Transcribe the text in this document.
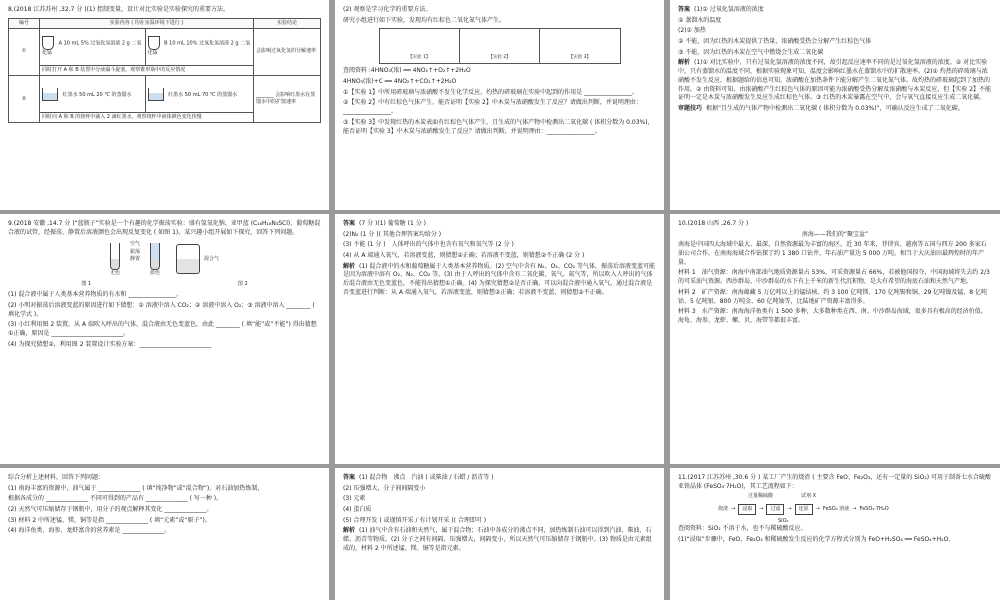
8.(2018 江苏苏州 ,32.7 分 )(1) 控制变量，设计对比实验是实验探究的重要方法。

编号	实验内容 ( 均在室温环境下进行 )		实验结论
①	A 10 mL 5% 过氧化氢溶液 2 g 二氧化锰	B 10 mL 10% 过氧化氢溶液 2 g 二氧化锰	会影响过氧化氢的分解速率
	同时打开 A 和 B 装置中分液漏斗旋塞，观察锥形瓶中的反应情况		
②	红墨水 50 mL 20 ℃ 的蒸馏水	红墨水 50 mL 70 ℃ 的蒸馏水	_______ 会影响红墨水在蒸馏水中的扩散速率
	同时向 A 和 B 的烧杯中滴入 2 滴红墨水，观察烧杯中液体颜色变化快慢		

(2) 观察是学习化学的重要方法。

研究小组进行如下实验，发现均有红棕色二氧化氮气体产生。

【实验 1】	【实验 2】	【实验 3】

查阅资料 :4HNO₃(浓) ══ 4NO₂↑+O₂↑+2H₂O

4HNO₃(浓)+C ══ 4NO₂↑+CO₂↑+2H₂O

①【实验 1】中所用碎玻璃与浓硝酸不发生化学反应，灼热的碎玻璃在实验中起到的作用是 ________________。

②【实验 2】中有红棕色气体产生，能否证明【实验 2】中木炭与浓硝酸发生了反应？请做出判断，并说明理由：________________。

③【实验 3】中发现红热的木炭表面有红棕色气体产生，且生成的气体产物中检测出二氧化碳 ( 体积分数为 0.03%)，能否证明【实验 3】中木炭与浓硝酸发生了反应？请做出判断，并说明理由：________________。

答案 (1)① 过氧化氢溶液的浓度

② 蒸馏水的温度

(2)① 加热

② 不能，因为红热的木炭提供了热量，浓硝酸受热会分解产生红棕色气体

③ 不能，因为红热的木炭在空气中燃烧会生成二氧化碳

解析 (1)① 对比实验中，只有过氧化氢溶液的浓度不同，故引起反应速率不同的是过氧化氢溶液的浓度。② 对比实验中，只有蒸馏水的温度不同，根据实验现象可知，温度会影响红墨水在蒸馏水中的扩散速率。(2)① 灼热的碎玻璃与浓硝酸不发生反应，根据题给的信息可知，浓硝酸在加热条件下能分解产生二氧化氮气体，故灼热的碎玻璃起到了加热的作用。② 由资料可知，由浓硝酸产生红棕色气体的原因可能为浓硝酸受热分解及浓硝酸与木炭反应，但【实验 2】不能证明一定是木炭与浓硝酸发生反应生成红棕色气体。③ 红热的木炭暴露在空气中，会与氧气直接反应生成二氧化碳。

审题技巧 根据“且生成的气体产物中检测出二氧化碳 ( 体积分数为 0.03%)”，可确认反应生成了二氧化碳。

9.(2018 安徽 ,14.7 分 )“蓝瓶子”实验是一个有趣的化学振荡实验：盛有氢氧化钠、亚甲蓝 (C₁₆H₁₈N₃SCl)、葡萄糖混合液的试管，经振荡、静置后溶液颜色会出现反复变化 ( 如图 1)。某兴趣小组开展如下探究，回答下列问题。

无色
空气
振荡
静置
蓝色
混合气
图 1	图 2

(1) 混合液中属于人类基本营养物质的有水和 ________________。

(2) 小明对振荡后溶液变蓝的原因进行如下猜想：① 溶液中溶入 CO₂；② 溶液中溶入 O₂；③ 溶液中溶入 ________ ( 填化学式 )。

(3) 小红利用图 2 装置，从 A 端吹入呼出的气体，混合液由无色变蓝色，由此 ________ ( 填“能”或“不能”) 得出猜想①正确，原因是 ________________________。

(4) 为探究猜想②，利用图 2 装置设计实验方案：________________________

答案 (7 分 )(1) 葡萄糖 (1 分 )

(2)N₂ (1 分 )( 其他合理答案均给分 )

(3) 不能 (1 分 )　人体呼出的气体中也含有氧气和氧气等 (2 分 )

(4) 从 A 端通入氧气，若溶液变蓝，则猜想②正确；若溶液不变蓝，则猜想②不正确 (2 分 )

解析 (1) 混合液中的水和葡萄糖属于人类基本营养物质。(2) 空气中含有 N₂、O₂、CO₂ 等气体，振荡后溶液变蓝可能是因为溶液中溶有 O₂、N₂、CO₂ 等。(3) 由于人呼出的气体中含有二氧化碳、氧气、氮气等，所以吹入人呼出的气体后混合液由无色变蓝色，不能得出猜想①正确。(4) 为探究猜想②是否正确，可以向混合液中通入氧气，通过混合液是否变蓝进行判断：从 A 端通入氧气，若溶液变蓝，则猜想②正确；若溶液不变蓝，则猜想②不正确。

10.(2018 山西 ,26.7 分 )

南海——我们的“聚宝盆”

南海是中国四大海域中最大、最深、自然资源最为丰富的海区。近 30 年来，菲律宾、越南等五国与西方 200 多家石油公司合作，在南海海域合作钻探了约 1 380 口钻井，年石油产量达 5 000 万吨。相当于大庆油田最辉煌时的年产量。

材料 1　油气资源：南海中南部油气地质资源量占 53%，可采资源量占 66%，若被他国掠夺，中国海域将失去约 2/3 的可采油气资源。西沙群岛、中沙群岛的水下有上千米的新生代沉积物，是大有希望的海底石油和天然气产地。

材料 2　矿产资源：南海蕴藏 5 万亿吨以上的锰结核、约 3 100 亿吨镁、170 亿吨锡和铜、29 亿吨镍及锰、8 亿吨钴、5 亿吨银、800 万吨金、60 亿吨铀等，比陆地矿产资源丰富得多。

材料 3　水产资源：南海海洋鱼类有 1 500 多种，大多数种类在西、南、中沙群岛海域，很多具有极高的经济价值。海龟、海参、龙虾、螺、贝、海带等都很丰富。

综合分析上述材料，回答下列问题：

(1) 南海丰富的资源中，油气属于 ______________ ( 填“纯净物”或“混合物”)。对石油加热炼制，

根据各成分的 ______________ 不同可得到的产品有 ______________ ( 写一种 )。

(2) 天然气可压缩储存于钢瓶中，用分子的观点解释其变化 ______________。

(3) 材料 2 中所述锰、镁、铜等是指 ______________ ( 填“元素”或“原子”)。

(4) 海洋鱼类、海参、龙虾富含的营养素是 ______________。

答案 (1) 混合物　沸点　汽油 ( 或柴油 / 石蜡 / 沥青等 )

(2) 压强增大，分子间间隔变小

(3) 元素

(4) 蛋白质

(5) 合理开发 ( 或谨慎开采 / 有计划开采 )( 合理即可 )

解析 (1) 油气中含有石油和天然气，属于混合物；石油中各成分的沸点不同，加热炼制石油可以得到汽油、柴油、石蜡、沥青等物质。(2) 分子之间有间隔，压强增大，间隔变小，所以天然气可压缩储存于钢瓶中。(3) 物质是由元素组成的，材料 2 中所述锰、镁、铜等是指元素。

11.(2017 江苏苏州 ,30.6 分 ) 某工厂产生的烧渣 ( 主要含 FeO、Fe₂O₃，还有一定量的 SiO₂) 可用于制备七水合硫酸亚铁晶体 (FeSO₄·7H₂O)，其工艺流程如下：

过量稀硫酸	试剂 X
烧渣 →	浸取	→	过滤	→	还原	→ FeSO₄ 溶液 → FeSO₄·7H₂O
SiO₂

查阅资料：SiO₂ 不溶于水，也不与稀硫酸反应。

(1)“浸取”步骤中，FeO、Fe₂O₃ 和稀硫酸发生反应的化学方程式分别为 FeO+H₂SO₄ ══ FeSO₄+H₂O、
